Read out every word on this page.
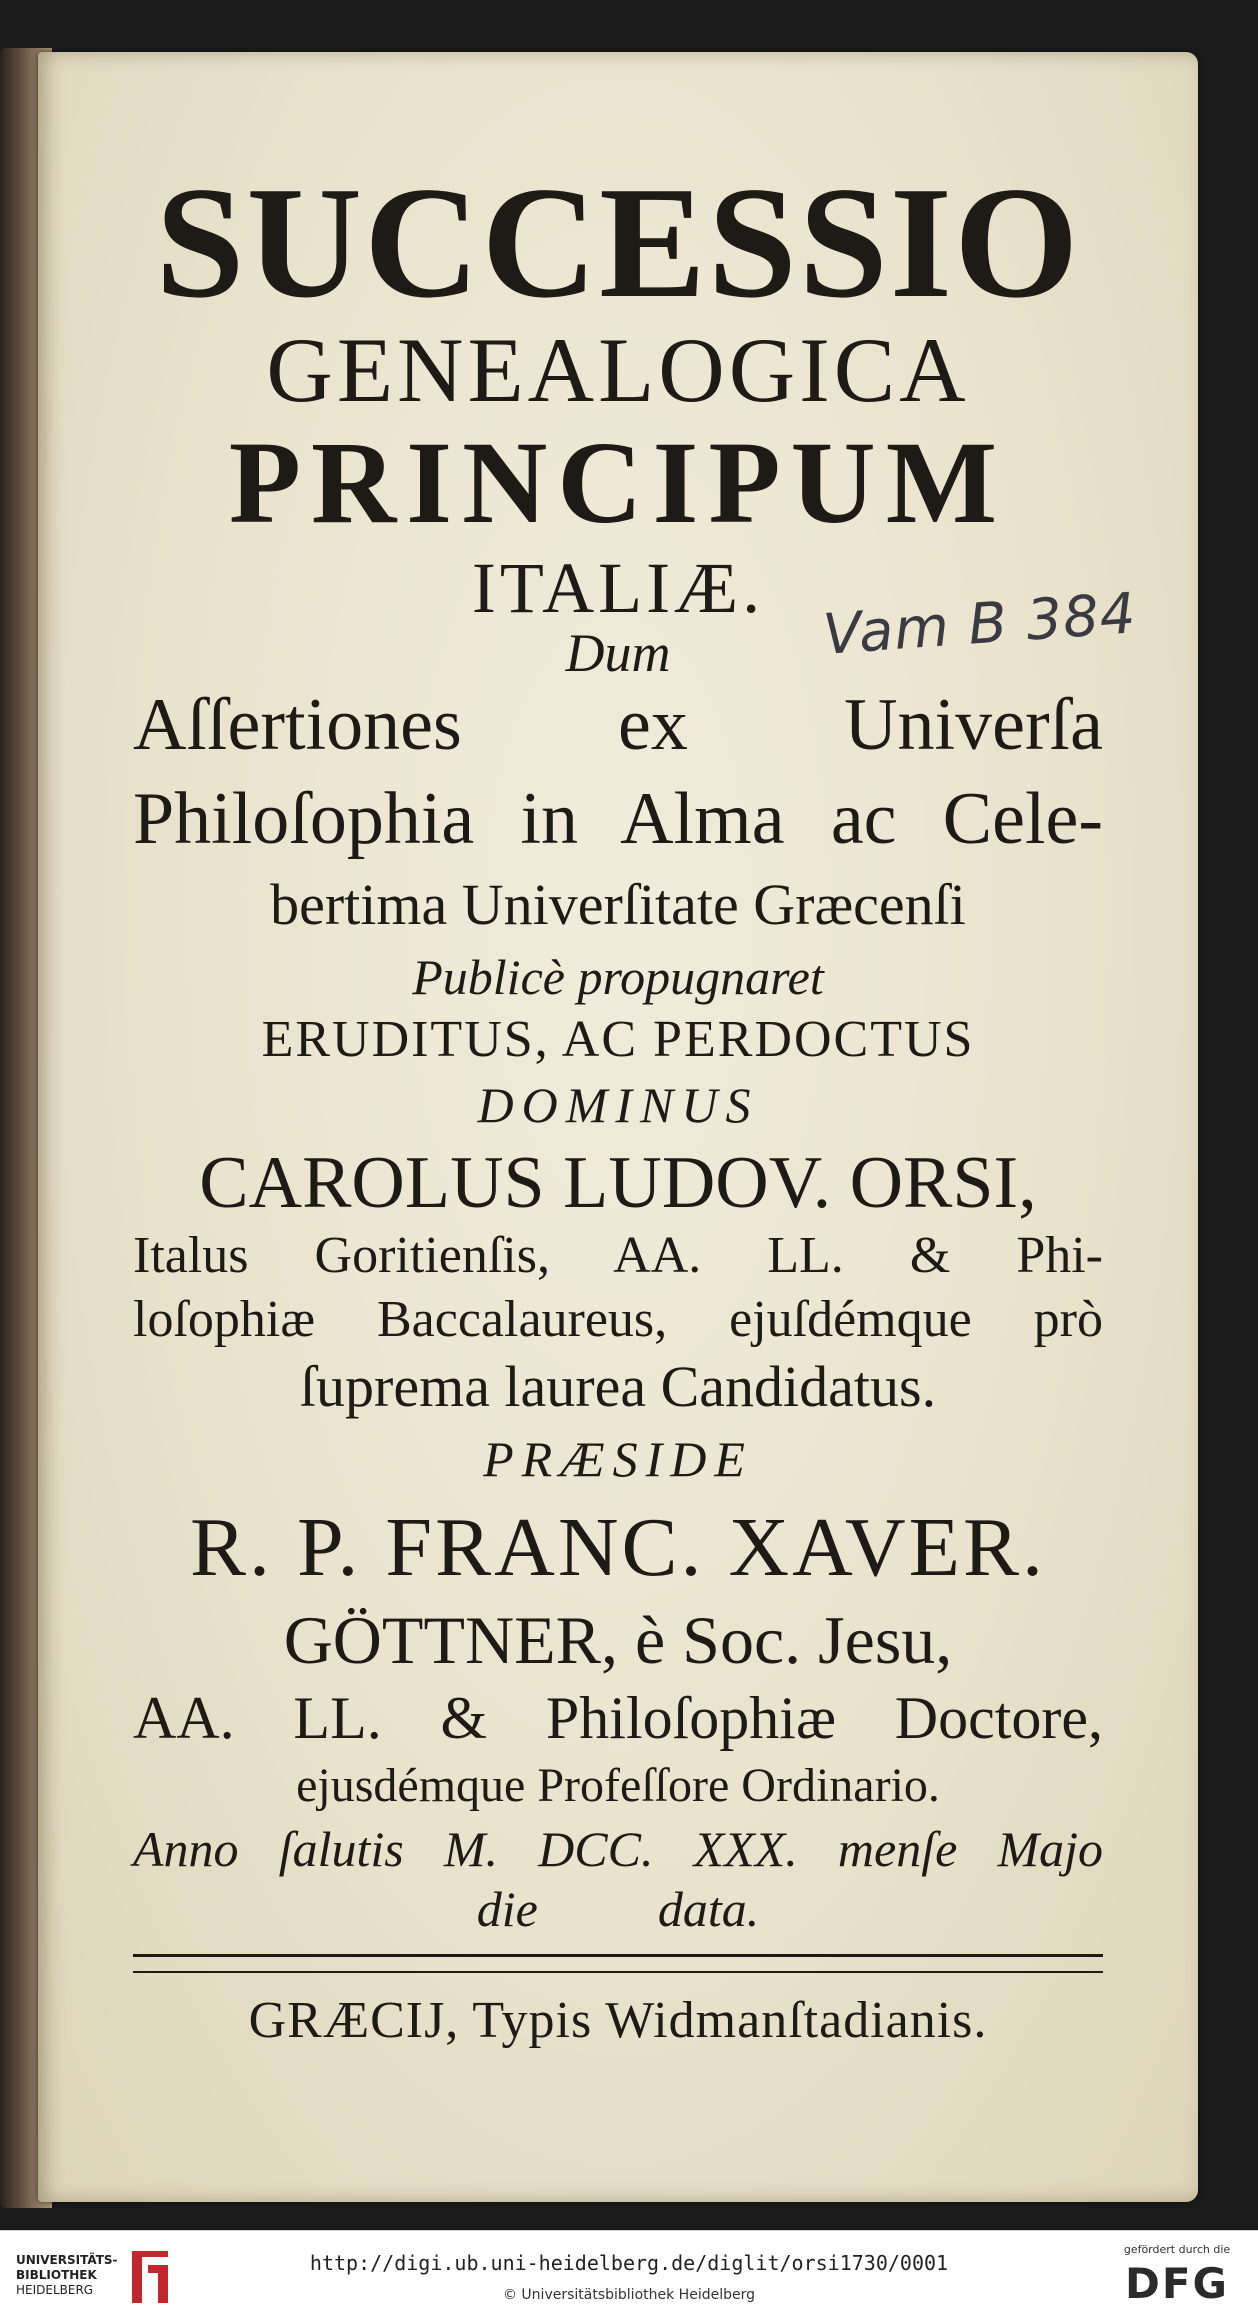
SUCCESSIO
GENEALOGICA
PRINCIPUM
ITALIÆ.
Dum
Aſſertiones ex Univerſa
Philoſophia in Alma ac Cele-
bertima Univerſitate Græcenſi
Publicè propugnaret
ERUDITUS, AC PERDOCTUS
DOMINUS
CAROLUS LUDOV. ORSI,
Italus Goritienſis, AA. LL. & Phi-
loſophiæ Baccalaureus, ejuſdémque prò
ſuprema laurea Candidatus.
PRÆSIDE
R. P. FRANC. XAVER.
GÖTTNER, è Soc. Jesu,
AA. LL. & Philoſophiæ Doctore,
ejusdémque Profeſſore Ordinario.
Anno ſalutis M. DCC. XXX. menſe Majo
die data.
GRÆCIJ, Typis Widmanſtadianis.
Vam B 384
UNIVERSITÄTS-
BIBLIOTHEK
HEIDELBERG
http://digi.ub.uni-heidelberg.de/diglit/orsi1730/0001
© Universitätsbibliothek Heidelberg
gefördert durch die
DFG
